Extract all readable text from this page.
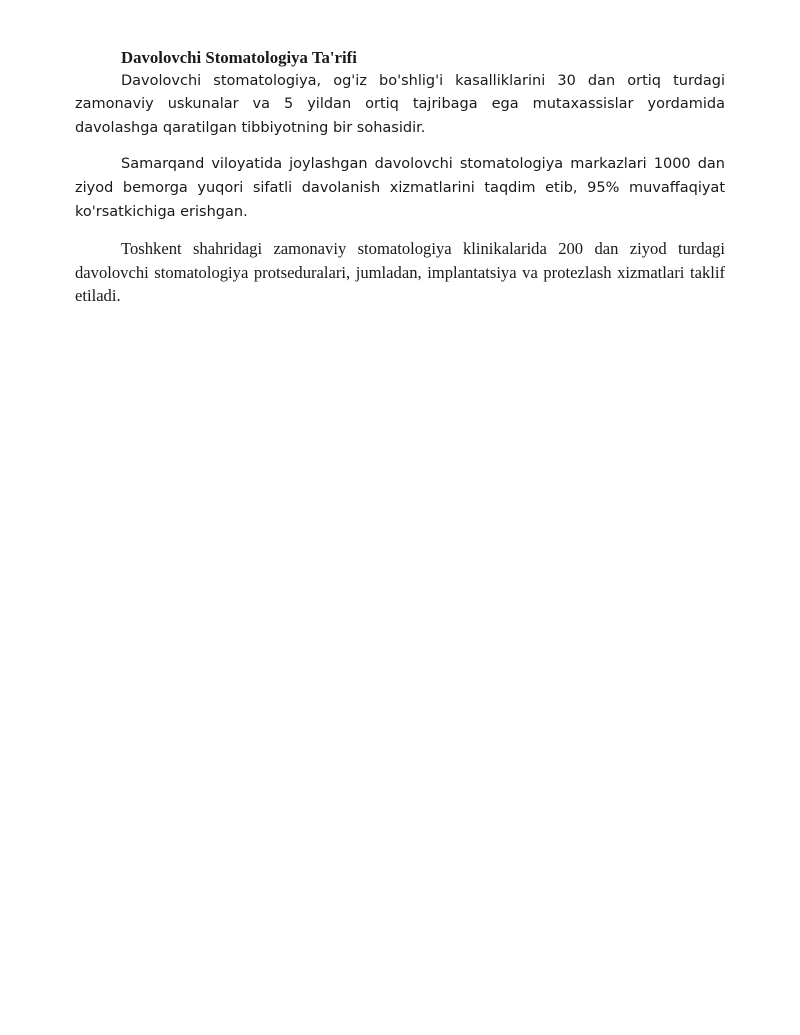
Davolovchi Stomatologiya Ta'rifi

Davolovchi stomatologiya, og'iz bo'shlig'i kasalliklarini 30 dan ortiq turdagi zamonaviy uskunalar va 5 yildan ortiq tajribaga ega mutaxassislar yordamida davolashga qaratilgan tibbiyotning bir sohasidir.

Samarqand viloyatida joylashgan davolovchi stomatologiya markazlari 1000 dan ziyod bemorga yuqori sifatli davolanish xizmatlarini taqdim etib, 95% muvaffaqiyat ko'rsatkichiga erishgan.

Toshkent shahridagi zamonaviy stomatologiya klinikalarida 200 dan ziyod turdagi davolovchi stomatologiya protseduralari, jumladan, implantatsiya va protezlash xizmatlari taklif etiladi.
